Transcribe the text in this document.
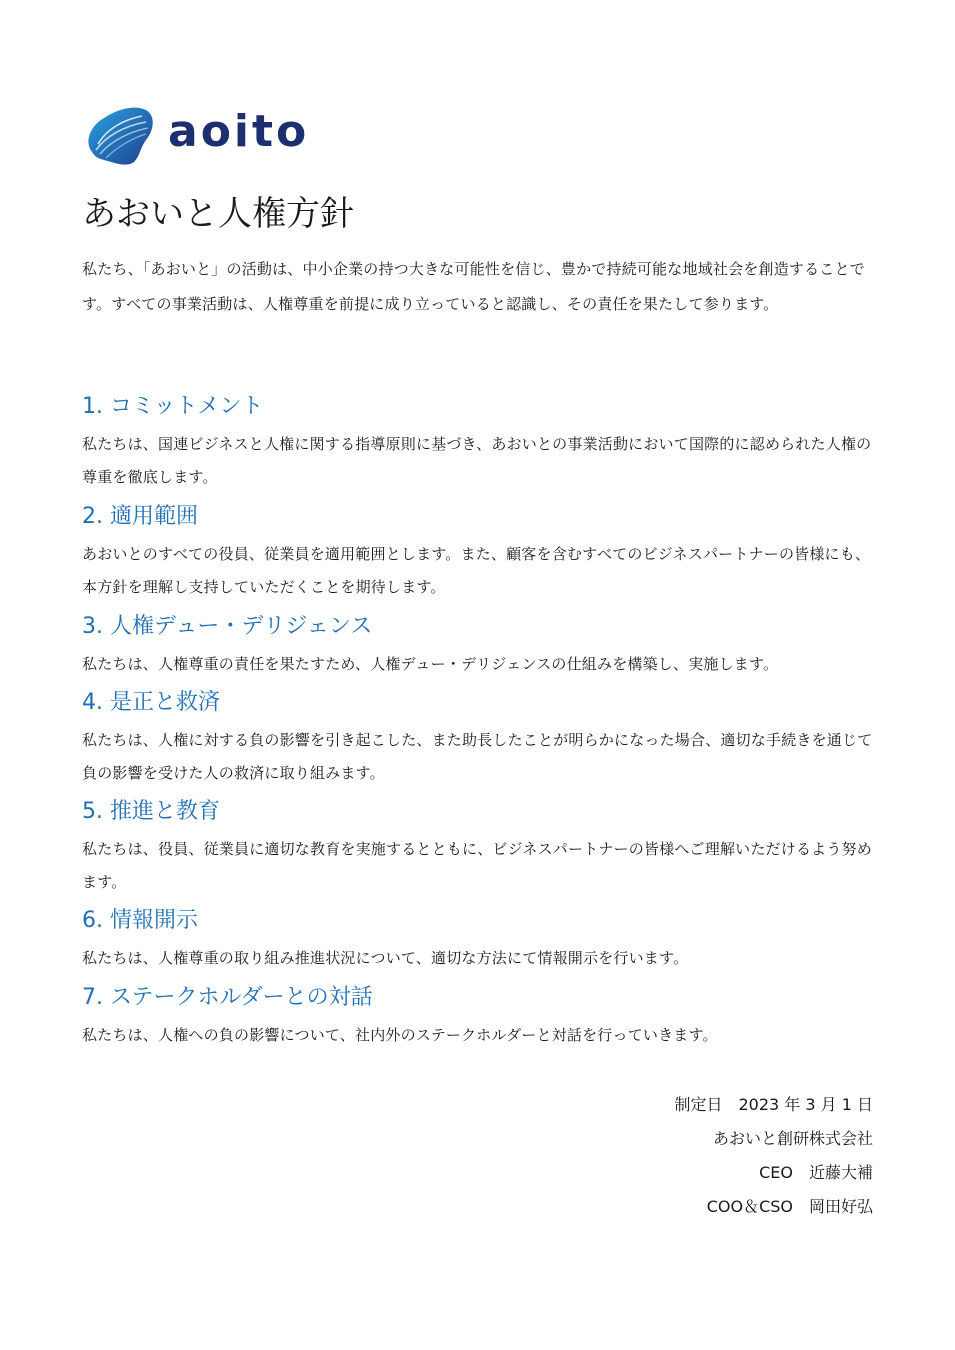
aoito
あおいと人権方針

私たち、「あおいと」の活動は、中小企業の持つ大きな可能性を信じ、豊かで持続可能な地域社会を創造することです。すべての事業活動は、人権尊重を前提に成り立っていると認識し、その責任を果たして参ります。

1. コミットメント

私たちは、国連ビジネスと人権に関する指導原則に基づき、あおいとの事業活動において国際的に認められた人権の尊重を徹底します。

2. 適用範囲

あおいとのすべての役員、従業員を適用範囲とします。また、顧客を含むすべてのビジネスパートナーの皆様にも、本方針を理解し支持していただくことを期待します。

3. 人権デュー・デリジェンス

私たちは、人権尊重の責任を果たすため、人権デュー・デリジェンスの仕組みを構築し、実施します。

4. 是正と救済

私たちは、人権に対する負の影響を引き起こした、また助長したことが明らかになった場合、適切な手続きを通じて負の影響を受けた人の救済に取り組みます。

5. 推進と教育

私たちは、役員、従業員に適切な教育を実施するとともに、ビジネスパートナーの皆様へご理解いただけるよう努めます。

6. 情報開示

私たちは、人権尊重の取り組み推進状況について、適切な方法にて情報開示を行います。

7. ステークホルダーとの対話

私たちは、人権への負の影響について、社内外のステークホルダーと対話を行っていきます。

制定日　2023 年 3 月 1 日
あおいと創研株式会社
CEO　近藤大補
COO＆CSO　岡田好弘
